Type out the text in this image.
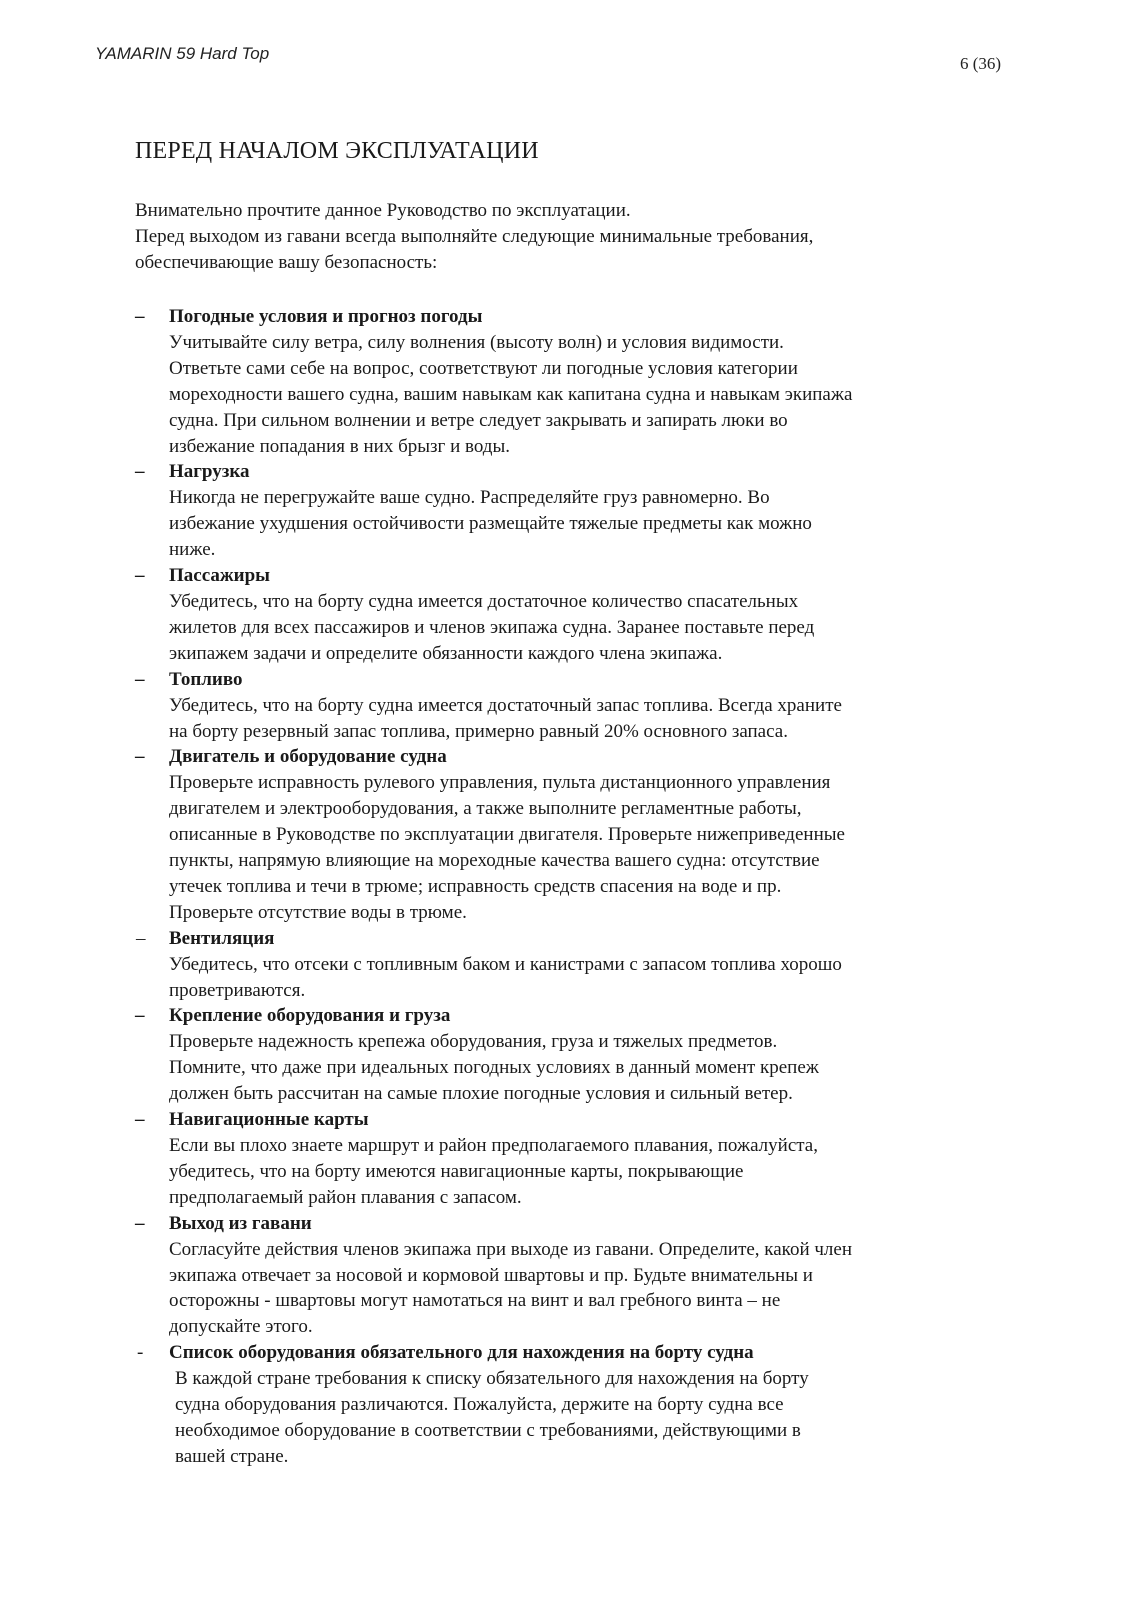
YAMARIN 59 Hard Top
6 (36)
ПЕРЕД НАЧАЛОМ ЭКСПЛУАТАЦИИ
Внимательно прочтите данное Руководство по эксплуатации.
Перед выходом из гавани всегда выполняйте следующие минимальные требования,
обеспечивающие вашу безопасность:
– Погодные условия и прогноз погоды
Учитывайте силу ветра, силу волнения (высоту волн) и условия видимости.
Ответьте сами себе на вопрос, соответствуют ли погодные условия категории
мореходности вашего судна, вашим навыкам как капитана судна и навыкам экипажа
судна. При сильном волнении и ветре следует закрывать и запирать люки во
избежание попадания в них брызг и воды.
– Нагрузка
Никогда не перегружайте ваше судно. Распределяйте груз равномерно. Во
избежание ухудшения остойчивости размещайте тяжелые предметы как можно
ниже.
– Пассажиры
Убедитесь, что на борту судна имеется достаточное количество спасательных
жилетов для всех пассажиров и членов экипажа судна. Заранее поставьте перед
экипажем задачи и определите обязанности каждого члена экипажа.
– Топливо
Убедитесь, что на борту судна имеется достаточный запас топлива. Всегда храните
на борту резервный запас топлива, примерно равный 20% основного запаса.
– Двигатель и оборудование судна
Проверьте исправность рулевого управления, пульта дистанционного управления
двигателем и электрооборудования, а также выполните регламентные работы,
описанные в Руководстве по эксплуатации двигателя. Проверьте нижеприведенные
пункты, напрямую влияющие на мореходные качества вашего судна: отсутствие
утечек топлива и течи в трюме; исправность средств спасения на воде и пр.
Проверьте отсутствие воды в трюме.
– Вентиляция
Убедитесь, что отсеки с топливным баком и канистрами с запасом топлива хорошо
проветриваются.
– Крепление оборудования и груза
Проверьте надежность крепежа оборудования, груза и тяжелых предметов.
Помните, что даже при идеальных погодных условиях в данный момент крепеж
должен быть рассчитан на самые плохие погодные условия и сильный ветер.
– Навигационные карты
Если вы плохо знаете маршрут и район предполагаемого плавания, пожалуйста,
убедитесь, что на борту имеются навигационные карты, покрывающие
предполагаемый район плавания с запасом.
– Выход из гавани
Согласуйте действия членов экипажа при выходе из гавани. Определите, какой член
экипажа отвечает за носовой и кормовой швартовы и пр. Будьте внимательны и
осторожны - швартовы могут намотаться на винт и вал гребного винта – не
допускайте этого.
- Список оборудования обязательного для нахождения на борту судна
В каждой стране требования к списку обязательного для нахождения на борту
судна оборудования различаются. Пожалуйста, держите на борту судна все
необходимое оборудование в соответствии с требованиями, действующими в
вашей стране.
